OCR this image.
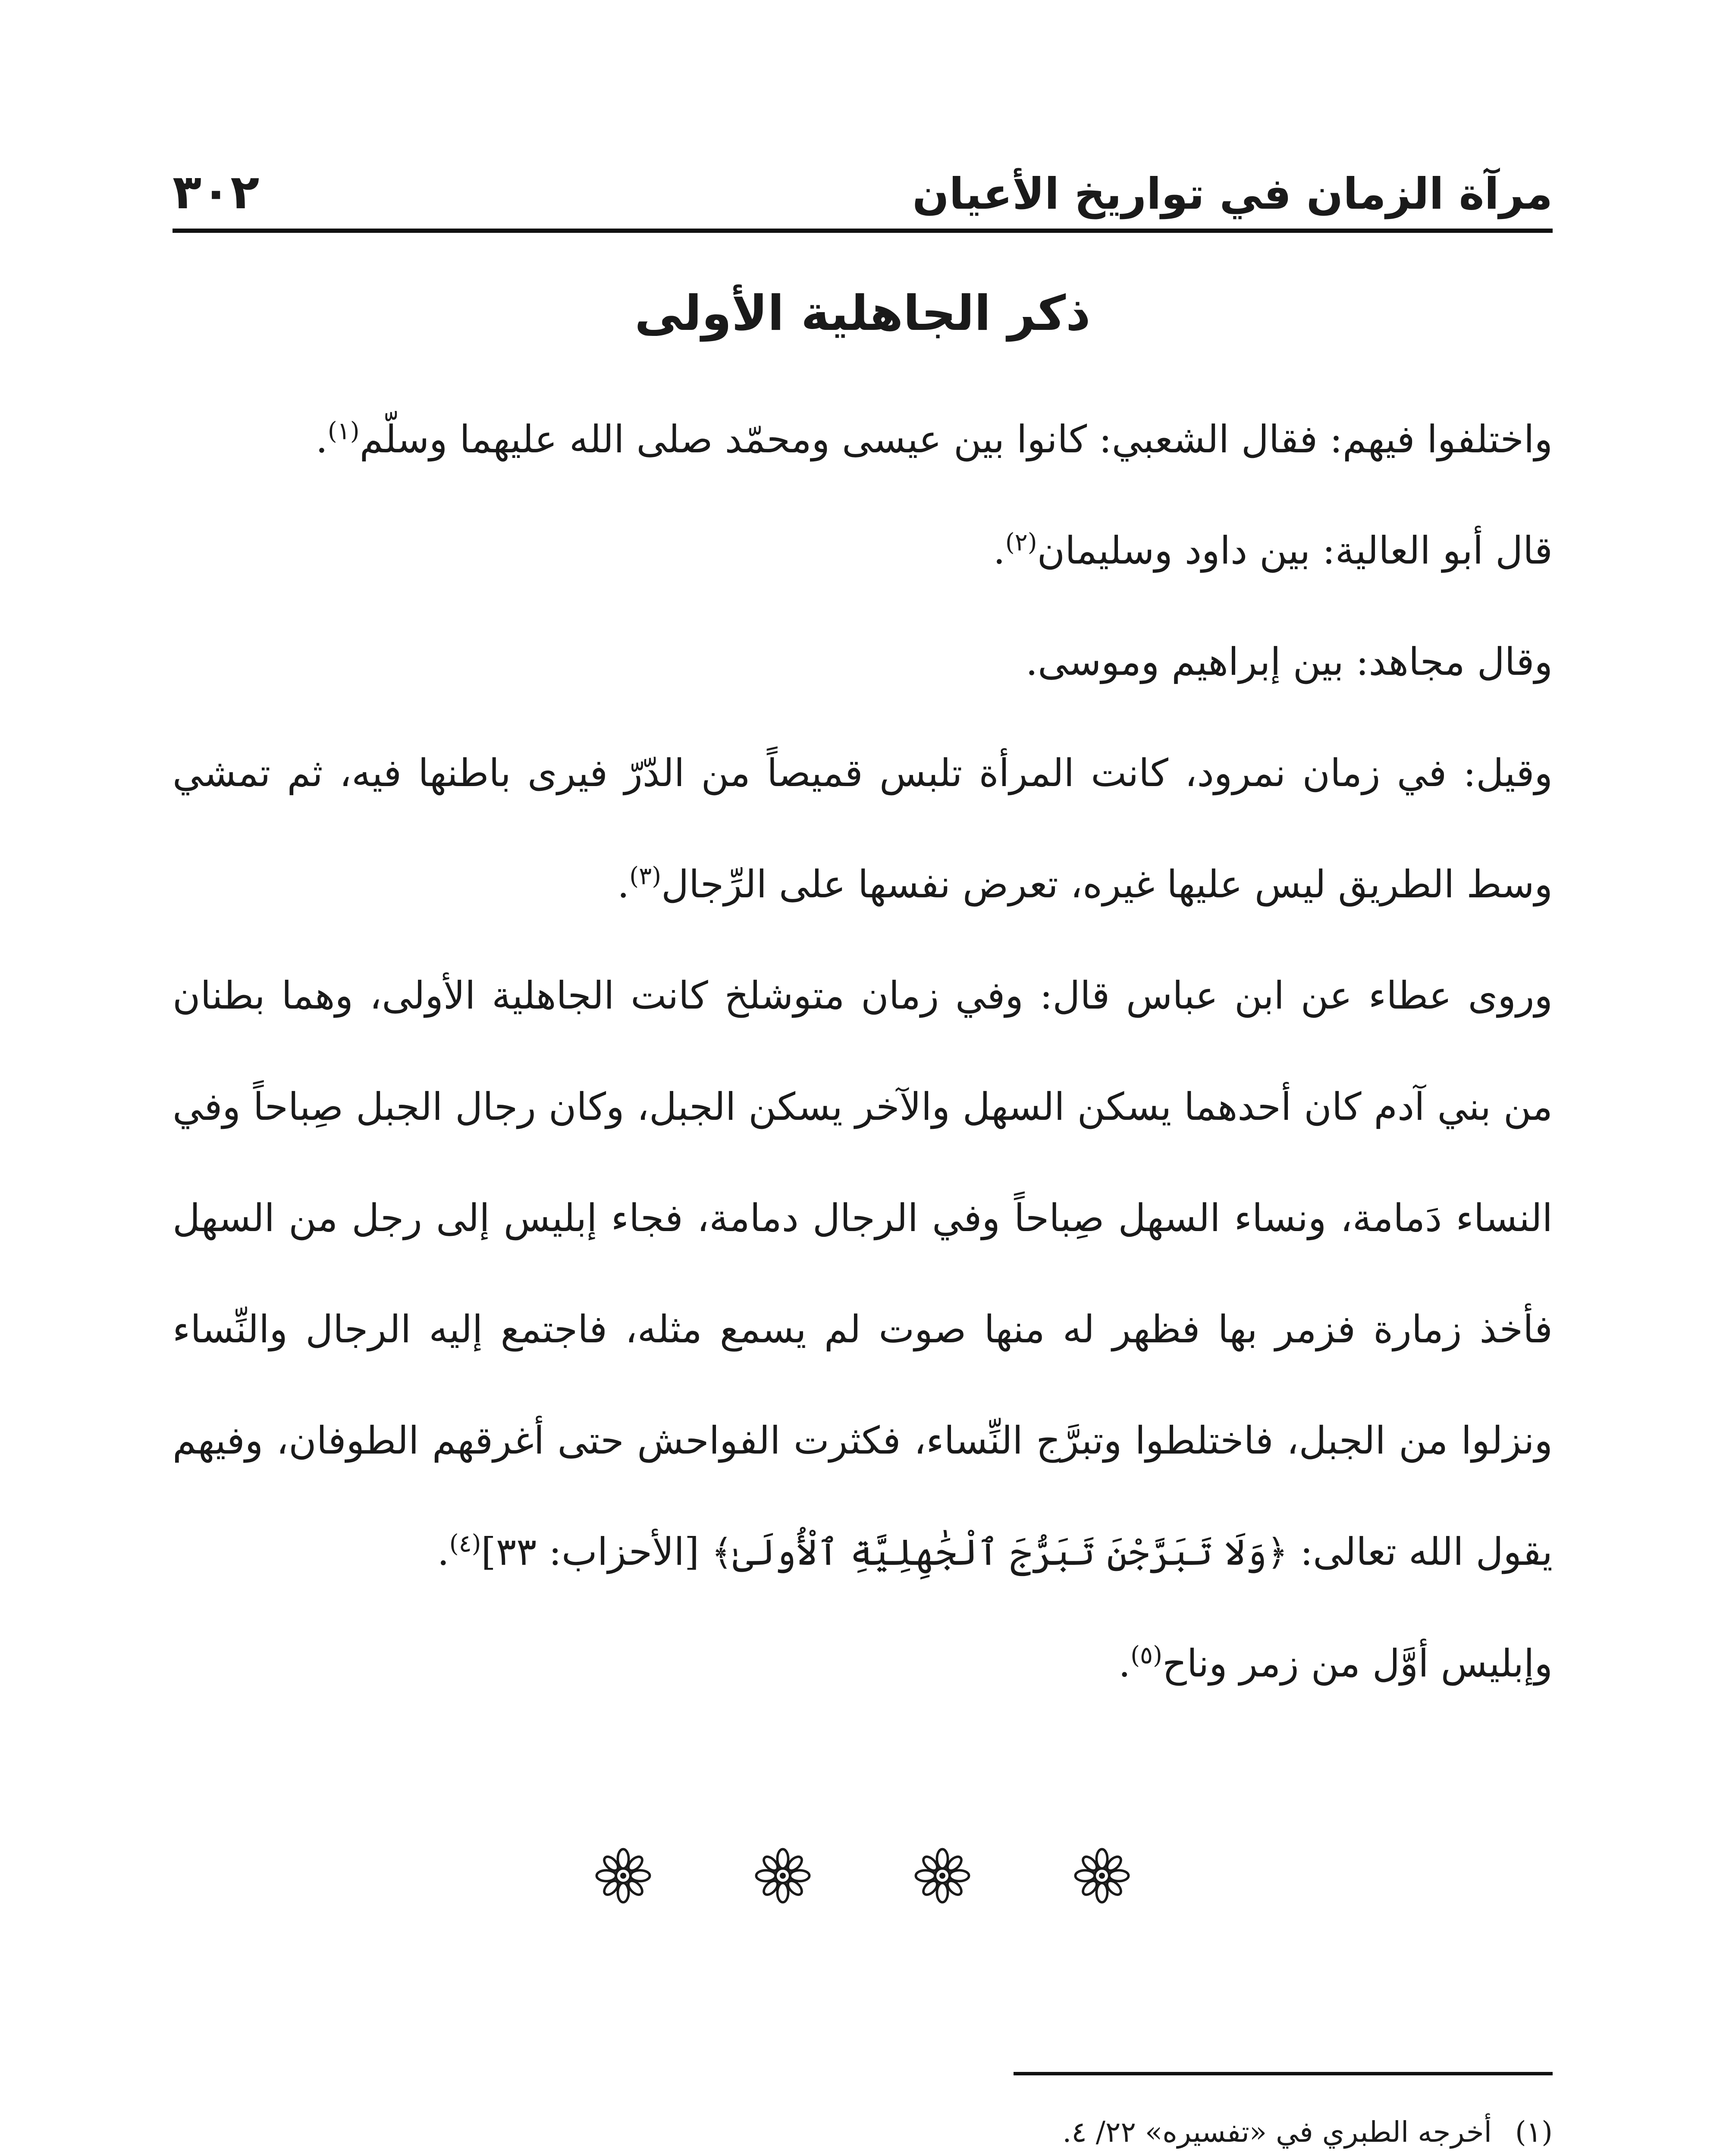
مرآة الزمان في تواريخ الأعيان
٣٠٢
ذكر الجاهلية الأولى

واختلفوا فيهم: فقال الشعبي: كانوا بين عيسى ومحمّد صلى الله عليهما وسلّم$^{(١)}$.

قال أبو العالية: بين داود وسليمان$^{(٢)}$.

وقال مجاهد: بين إبراهيم وموسى.

وقيل: في زمان نمرود، كانت المرأة تلبس قميصاً من الدّرّ فيرى باطنها فيه، ثم تمشي وسط الطريق ليس عليها غيره، تعرض نفسها على الرِّجال$^{(٣)}$.

وروى عطاء عن ابن عباس قال: وفي زمان متوشلخ كانت الجاهلية الأولى، وهما بطنان من بني آدم كان أحدهما يسكن السهل والآخر يسكن الجبل، وكان رجال الجبل صِباحاً وفي النساء دَمامة، ونساء السهل صِباحاً وفي الرجال دمامة، فجاء إبليس إلى رجل من السهل فأخذ زمارة فزمر بها فظهر له منها صوت لم يسمع مثله، فاجتمع إليه الرجال والنِّساء ونزلوا من الجبل، فاختلطوا وتبرَّج النِّساء، فكثرت الفواحش حتى أغرقهم الطوفان، وفيهم يقول الله تعالى: ﴿وَلَا تَبَرَّجْنَ تَبَرُّجَ ٱلْجَٰهِلِيَّةِ ٱلْأُولَىٰ﴾ [الأحزاب: ٣٣]$^{(٤)}$.

وإبليس أوَّل من زمر وناح$^{(٥)}$.

(١) أخرجه الطبري في «تفسيره» ٢٢/ ٤.
